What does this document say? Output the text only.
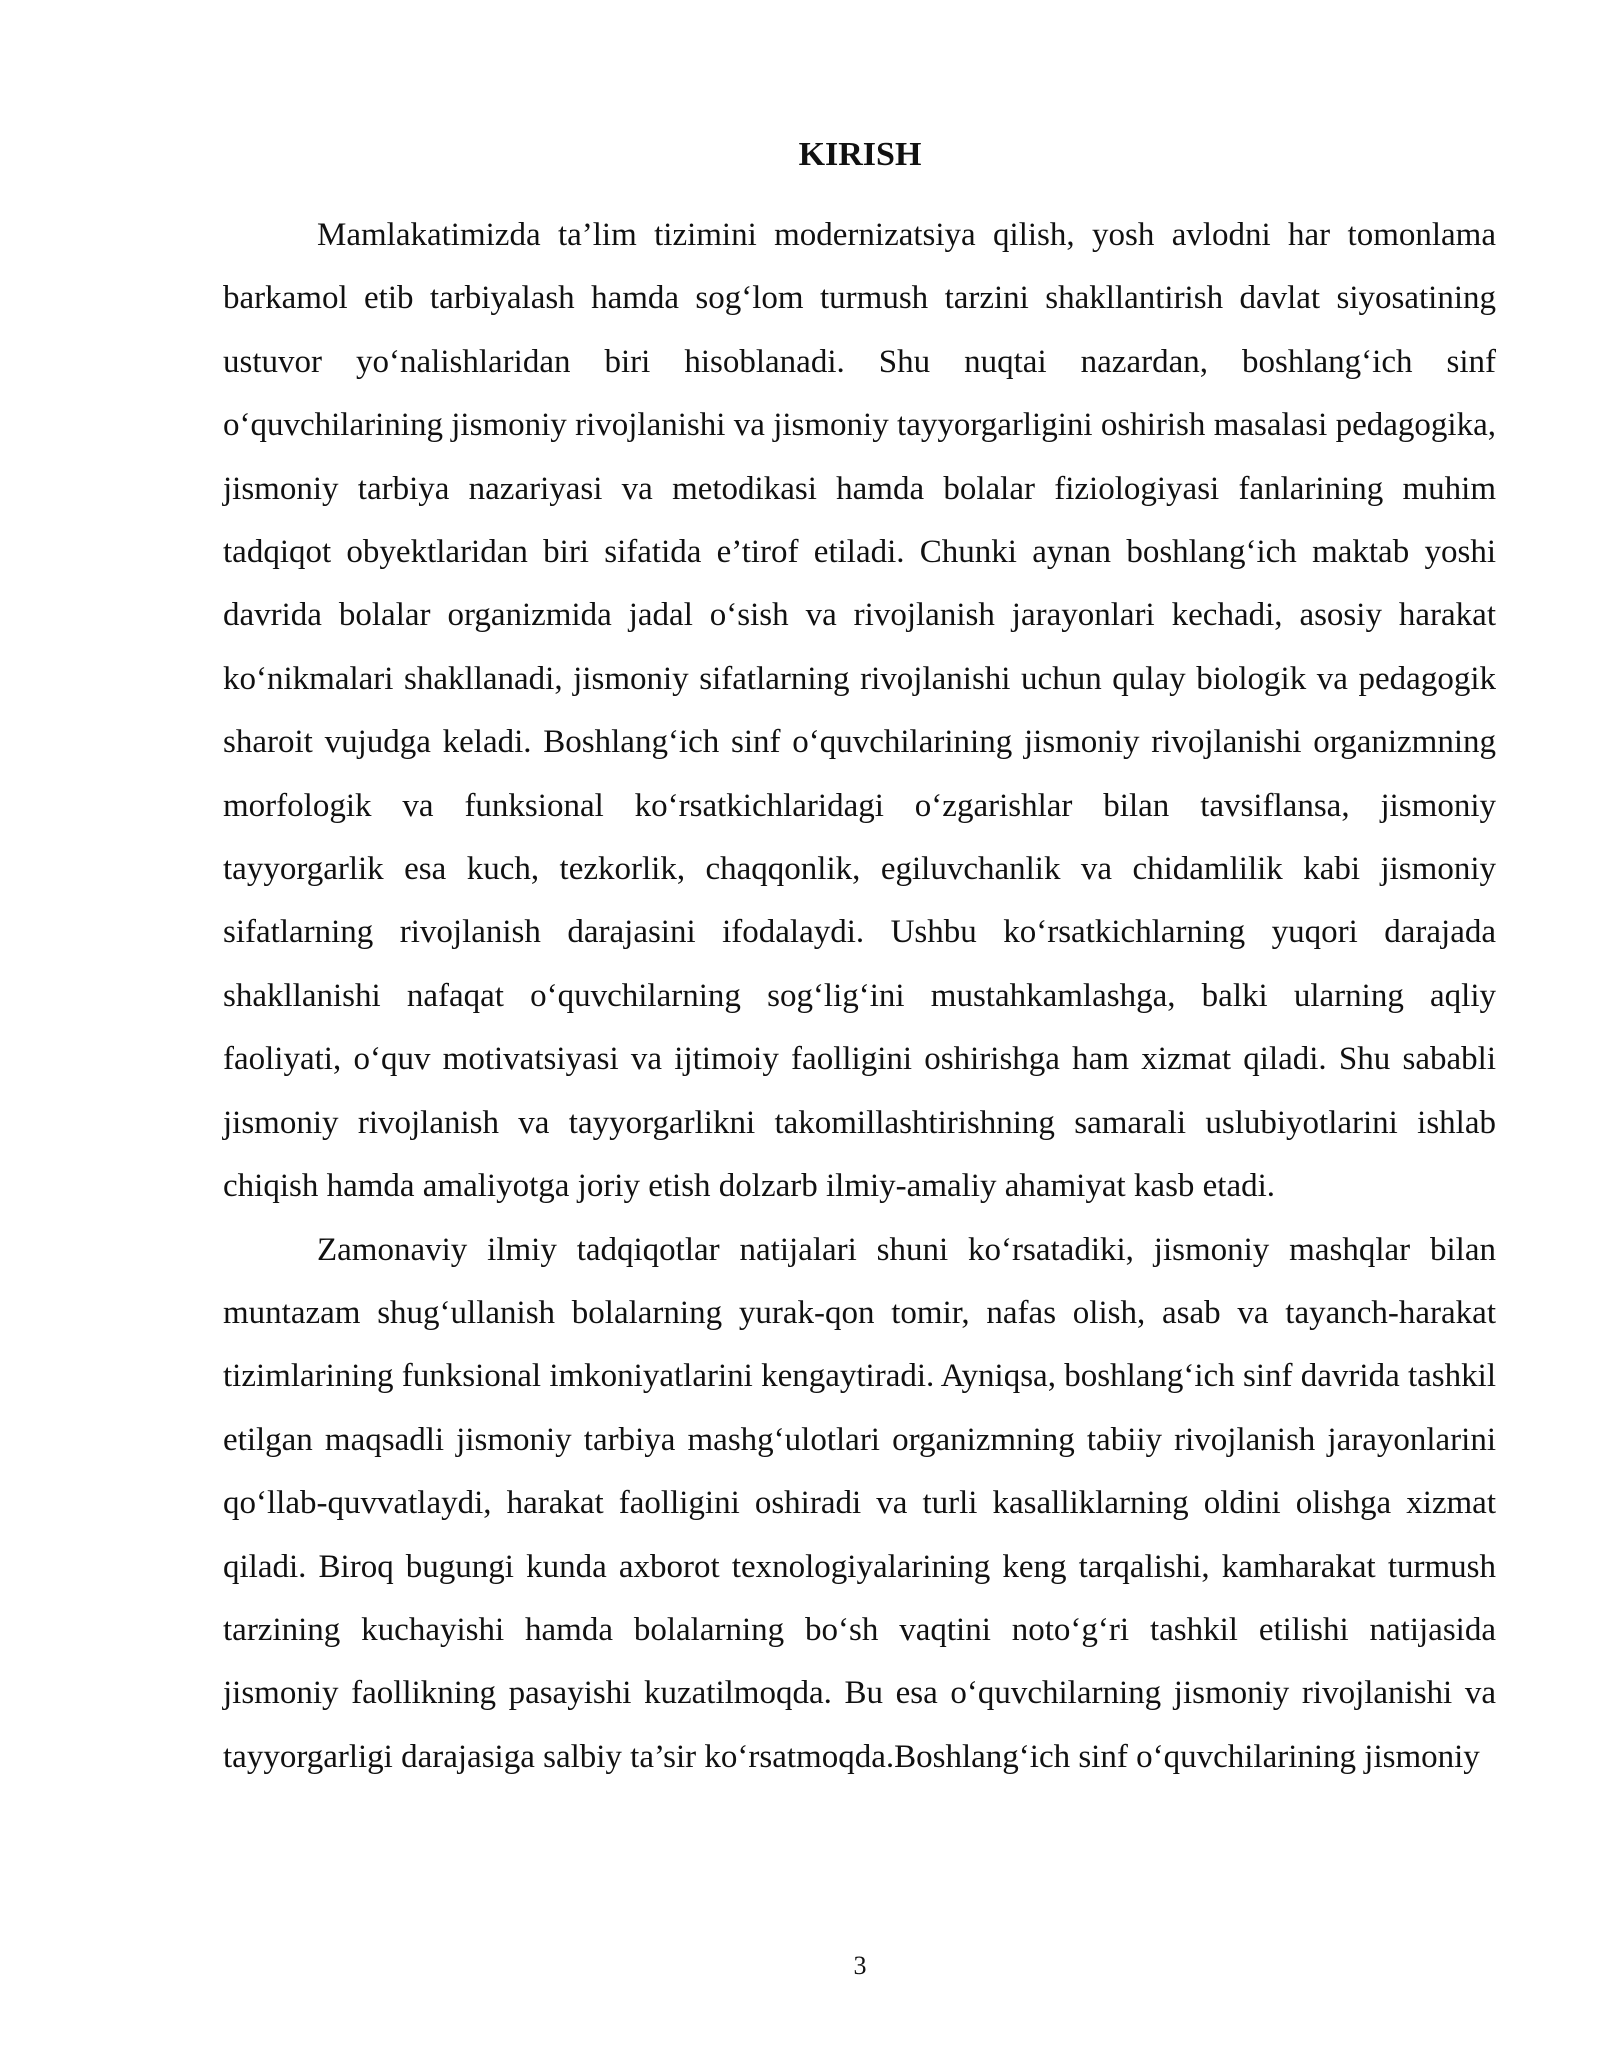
KIRISH

Mamlakatimizda ta’lim tizimini modernizatsiya qilish, yosh avlodni har tomonlama barkamol etib tarbiyalash hamda sog‘lom turmush tarzini shakllantirish davlat siyosatining ustuvor yo‘nalishlaridan biri hisoblanadi. Shu nuqtai nazardan, boshlang‘ich sinf o‘quvchilarining jismoniy rivojlanishi va jismoniy tayyorgarligini oshirish masalasi pedagogika, jismoniy tarbiya nazariyasi va metodikasi hamda bolalar fiziologiyasi fanlarining muhim tadqiqot obyektlaridan biri sifatida e’tirof etiladi. Chunki aynan boshlang‘ich maktab yoshi davrida bolalar organizmida jadal o‘sish va rivojlanish jarayonlari kechadi, asosiy harakat ko‘nikmalari shakllanadi, jismoniy sifatlarning rivojlanishi uchun qulay biologik va pedagogik sharoit vujudga keladi. Boshlang‘ich sinf o‘quvchilarining jismoniy rivojlanishi organizmning morfologik va funksional ko‘rsatkichlaridagi o‘zgarishlar bilan tavsiflansa, jismoniy tayyorgarlik esa kuch, tezkorlik, chaqqonlik, egiluvchanlik va chidamlilik kabi jismoniy sifatlarning rivojlanish darajasini ifodalaydi. Ushbu ko‘rsatkichlarning yuqori darajada shakllanishi nafaqat o‘quvchilarning sog‘lig‘ini mustahkamlashga, balki ularning aqliy faoliyati, o‘quv motivatsiyasi va ijtimoiy faolligini oshirishga ham xizmat qiladi. Shu sababli jismoniy rivojlanish va tayyorgarlikni takomillashtirishning samarali uslubiyotlarini ishlab chiqish hamda amaliyotga joriy etish dolzarb ilmiy-amaliy ahamiyat kasb etadi.

Zamonaviy ilmiy tadqiqotlar natijalari shuni ko‘rsatadiki, jismoniy mashqlar bilan muntazam shug‘ullanish bolalarning yurak-qon tomir, nafas olish, asab va tayanch-harakat tizimlarining funksional imkoniyatlarini kengaytiradi. Ayniqsa, boshlang‘ich sinf davrida tashkil etilgan maqsadli jismoniy tarbiya mashg‘ulotlari organizmning tabiiy rivojlanish jarayonlarini qo‘llab-quvvatlaydi, harakat faolligini oshiradi va turli kasalliklarning oldini olishga xizmat qiladi. Biroq bugungi kunda axborot texnologiyalarining keng tarqalishi, kamharakat turmush tarzining kuchayishi hamda bolalarning bo‘sh vaqtini noto‘g‘ri tashkil etilishi natijasida jismoniy faollikning pasayishi kuzatilmoqda. Bu esa o‘quvchilarning jismoniy rivojlanishi va tayyorgarligi darajasiga salbiy ta’sir ko‘rsatmoqda.Boshlang‘ich sinf o‘quvchilarining jismoniy

3
